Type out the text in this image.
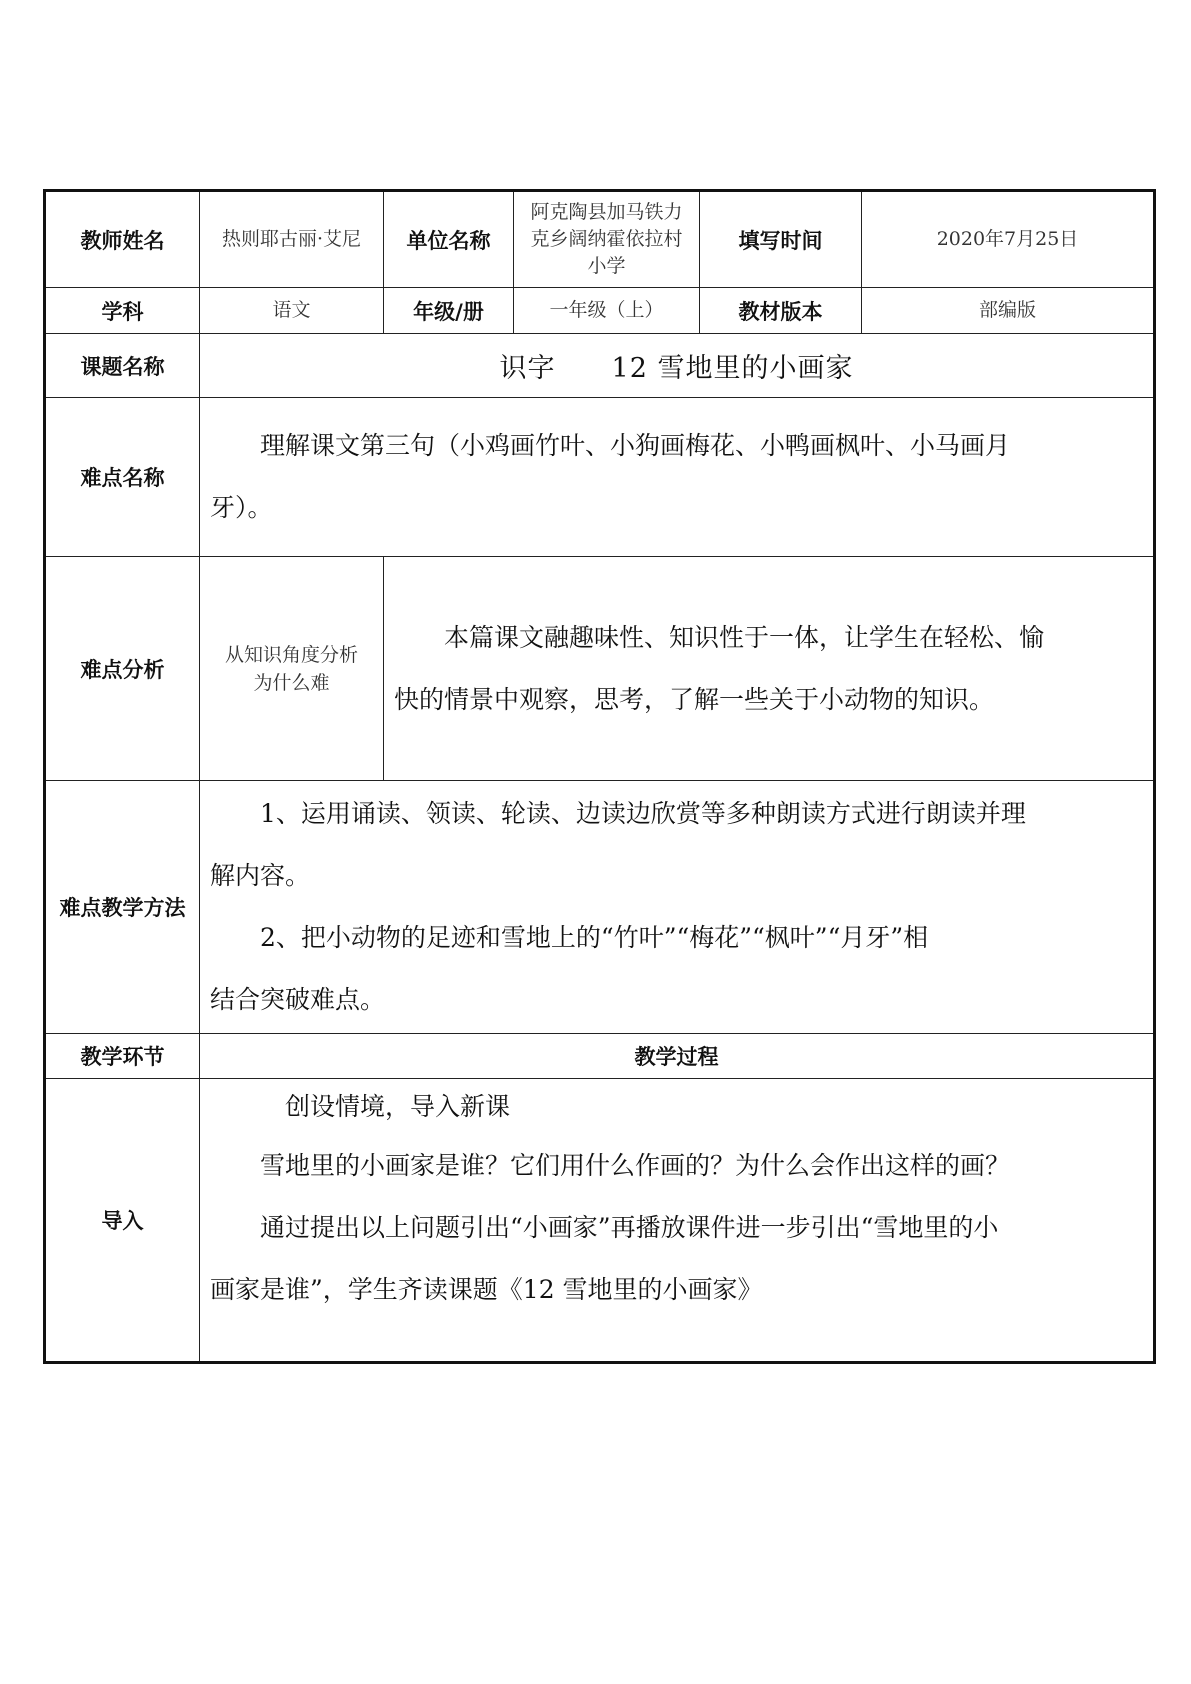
教师姓名	热则耶古丽·艾尼	单位名称	阿克陶县加马铁力克乡阔纳霍依拉村小学	填写时间	2020年7月25日
学科	语文	年级/册	一年级（上）	教材版本	部编版
课题名称	识字　　12 雪地里的小画家				
难点名称	理解课文第三句（小鸡画竹叶、小狗画梅花、小鸭画枫叶、小马画月

牙）。				

难点分析	从知识角度分析为什么难	本篇课文融趣味性、知识性于一体，让学生在轻松、愉

快的情景中观察，思考，了解一些关于小动物的知识。			

难点教学方法	1、运用诵读、领读、轮读、边读边欣赏等多种朗读方式进行朗读并理

解内容。

2、把小动物的足迹和雪地上的“竹叶”“梅花”“枫叶”“月牙”相

结合突破难点。				

教学环节	教学过程				
导入	创设情境，导入新课

雪地里的小画家是谁？它们用什么作画的？为什么会作出这样的画？

通过提出以上问题引出“小画家”再播放课件进一步引出“雪地里的小

画家是谁”，学生齐读课题《12 雪地里的小画家》				
